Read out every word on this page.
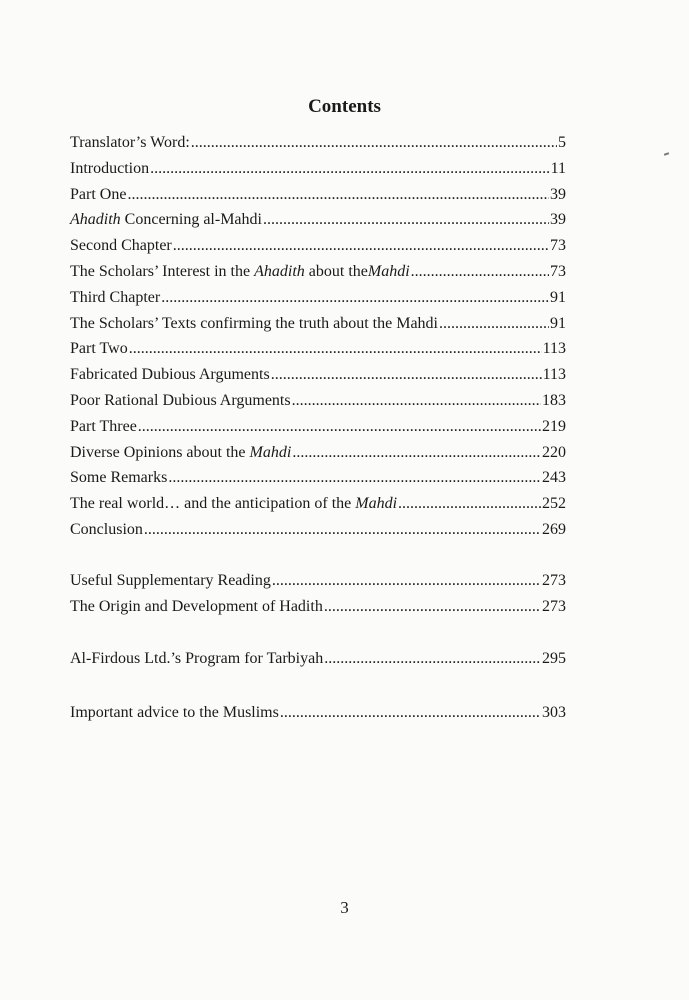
Contents
Translator’s Word: .....	5
Introduction .....	11
Part One .....	39
Ahadith Concerning al-Mahdi .....	39
Second Chapter .....	73
The Scholars’ Interest in the Ahadith about theMahdi .....	73
Third Chapter .....	91
The Scholars’ Texts confirming the truth about the Mahdi .....	91
Part Two .....	113
Fabricated Dubious Arguments .....	113
Poor Rational Dubious Arguments .....	183
Part Three .....	219
Diverse Opinions about the Mahdi .....	220
Some Remarks .....	243
The real world… and the anticipation of the Mahdi .....	252
Conclusion .....	269
Useful Supplementary Reading .....	273
The Origin and Development of Hadith .....	273
Al-Firdous Ltd.’s Program for Tarbiyah .....	295
Important advice to the Muslims .....	303
3
